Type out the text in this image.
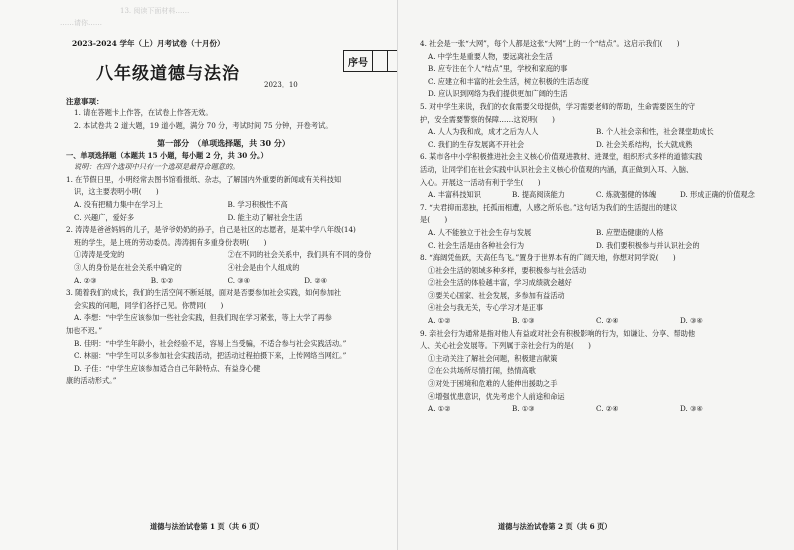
13. 阅读下面材料……
……请你……
2023-2024 学年（上）月考试卷（十月份）
八年级道德与法治
2023．10
注意事项：
1. 请在答题卡上作答，在试卷上作答无效。
2. 本试卷共 2 道大题，19 道小题，满分 70 分，考试时间 75 分钟，开卷考试。
第一部分　（单项选择题，共 30 分）
一、单项选择题（本题共 15 小题，每小题 2 分，共 30 分。）
说明：在四个选项中只有一个选项是最符合题意的。
1. 在节假日里，小明经常去图书馆看报纸、杂志，了解国内外重要的新闻或有关科技知
识，这主要表明小明(　　)
A. 没有把精力集中在学习上	B. 学习积极性不高
C. 兴趣广，爱好多	D. 能主动了解社会生活
2. 涛涛是爸爸妈妈的儿子，是爷爷奶奶的孙子，自己是社区的志愿者，是某中学八年级(14)
班的学生，是上班的劳动委员。涛涛拥有多重身份表明(　　)
①涛涛是受宠的	②在不同的社会关系中，我们具有不同的身份
③人的身份是在社会关系中确定的	④社会是由个人组成的
A. ②③	B. ①②	C. ③④	D. ②④
3. 随着我们的成长，我们的生活空间不断延展，面对是否要参加社会实践，如何参加社
会实践的问题，同学们各抒己见。你赞同(　　)
A. 李想：“中学生应该参加一些社会实践，但我们现在学习紧张，等上大学了再参
加也不迟。”
B. 佳明：“中学生年龄小，社会经验不足，容易上当受骗，不适合参与社会实践活动。”
C. 林丽：“中学生可以多参加社会实践活动，把活动过程拍摄下来，上传网络当网红。”
D. 子佳：“中学生应该参加适合自己年龄特点、有益身心健
康的活动形式。”
道德与法治试卷第 1 页（共 6 页）
序号
4. 社会是一张“大网”，每个人都是这张“大网”上的一个“结点”。这启示我们(　　)
A. 中学生是重要人物，要远离社会生活
B. 应专注在个人“结点”里，学校和家庭的事
C. 应建立和丰富的社会生活，树立积极的生活态度
D. 应认识到网络为我们提供更加广阔的生活
5. 对中学生来说，我们的衣食需要父母提供，学习需要老师的帮助，生命需要医生的守
护，安全需要警察的保障……这说明(　　)
A. 人人为我和成，成才之后为人人	B. 个人社会亲和性，社会课堂助成长
C. 我们的生存发展离不开社会	D. 社会关系结构，长大就成熟
6. 某市各中小学积极推进社会主义核心价值观进教材、进课堂，组织形式多样的道德实践
活动，让同学们在社会实践中认识社会主义核心价值观的内涵，真正做到入耳、入脑、
入心。开展这一活动有利于学生(　　)
A. 丰富科技知识	B. 提高阅读能力	C. 炼就强健的体魄	D. 形成正确的价值观念
7. “夫君抑而悲独，托孤而相遭，人感之所乐也。”这句话为我们的生活提出的建议
是(　　)
A. 人不能独立于社会生存与发展	B. 应塑造健康的人格
C. 社会生活是由各种社会行为	D. 我们要积极参与并认识社会的
8. “海阔凭鱼跃，天高任鸟飞。”置身于世界本有的广阔天地，你想对同学说(　　)
①社会生活的领域多种多样，要积极参与社会活动
②社会生活的体验越丰富，学习成绩就会越好
③要关心国家、社会发展，多参加有益活动
④社会与我无关，专心学习才是正事
A. ①②	B. ①③	C. ②④	D. ③④
9. 亲社会行为通常是指对他人有益或对社会有积极影响的行为，如谦让、分享、帮助他
人、关心社会发展等。下列属于亲社会行为的是(　　)
①主动关注了解社会问题，积极建言献策
②在公共场所尽情打闹，热情高歌
③对处于困境和危难的人能伸出援助之手
④增强忧患意识，优先考虑个人前途和命运
A. ①②	B. ①③	C. ②④	D. ③④
道德与法治试卷第 2 页（共 6 页）
